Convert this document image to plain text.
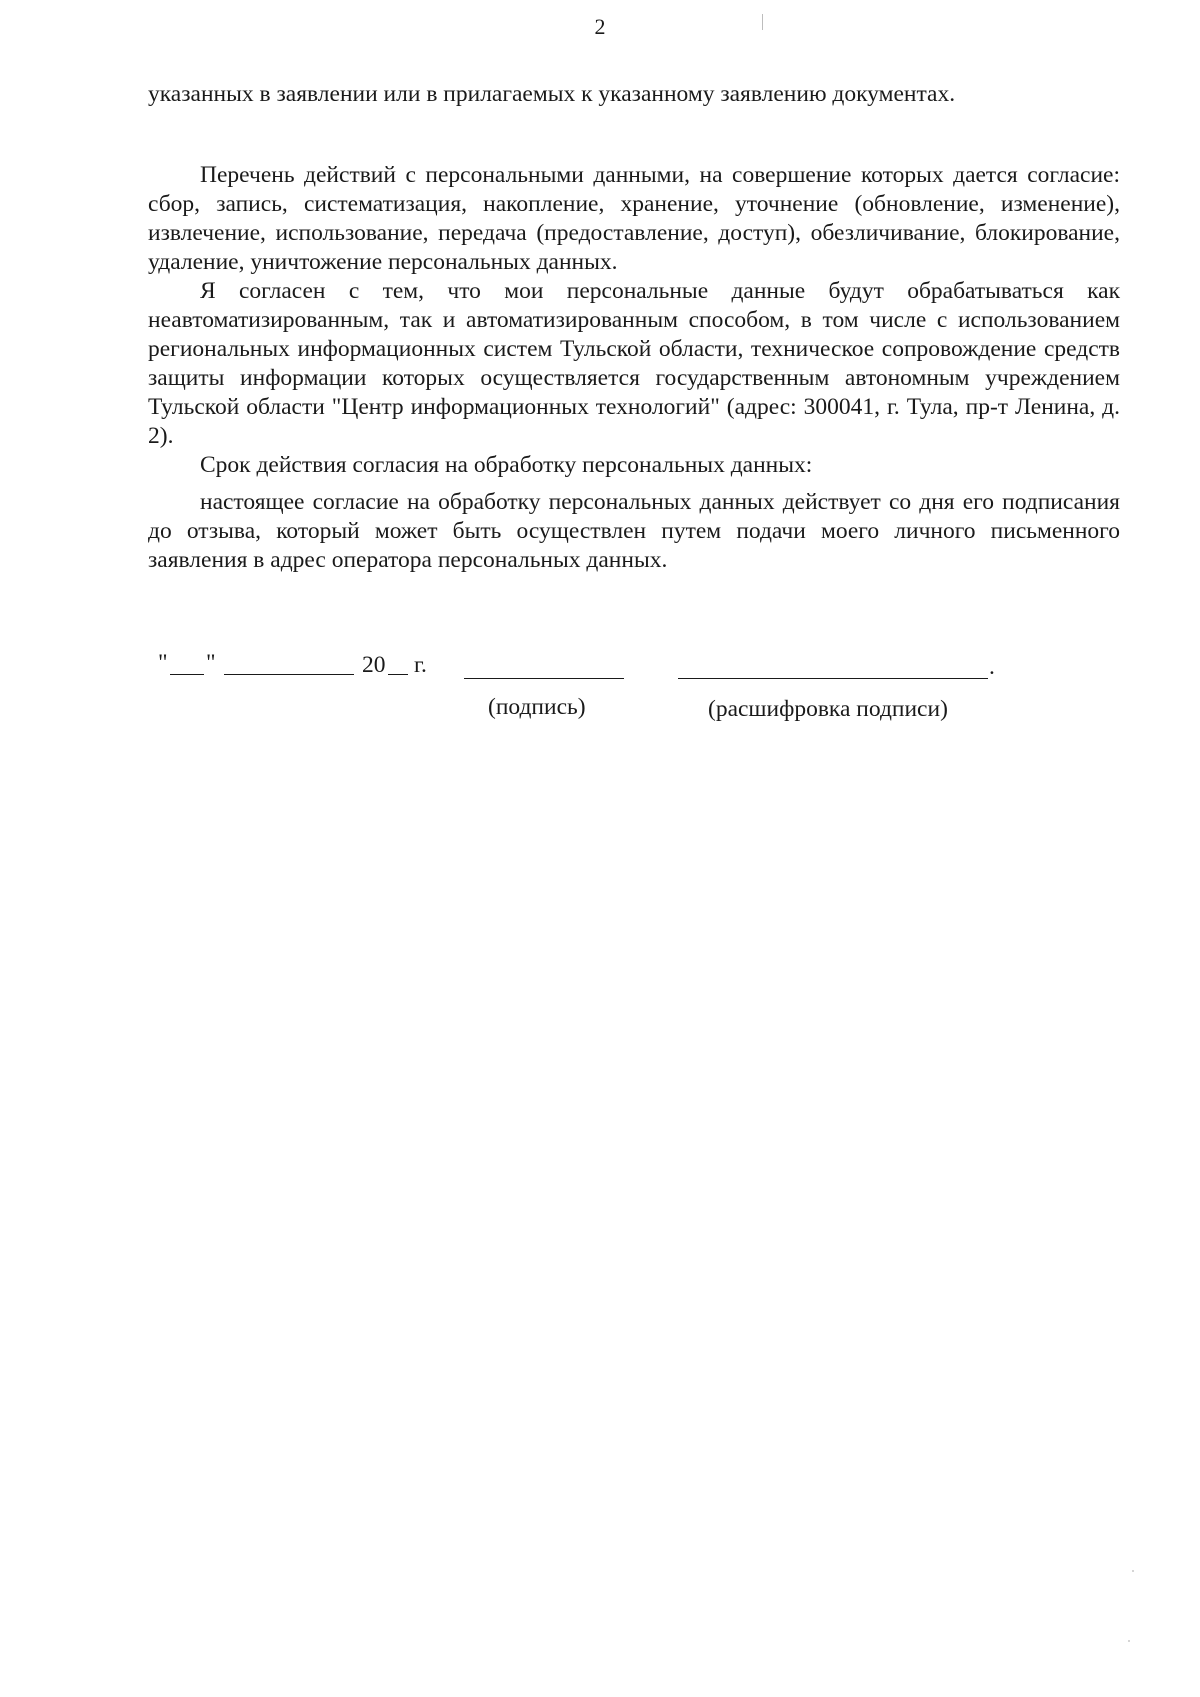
2

указанных в заявлении или в прилагаемых к указанному заявлению документах.

Перечень действий с персональными данными, на совершение которых дается согласие: сбор, запись, систематизация, накопление, хранение, уточнение (обновление, изменение), извлечение, использование, передача (предоставление, доступ), обезличивание, блокирование, удаление, уничтожение персональных данных.

Я согласен с тем, что мои персональные данные будут обрабатываться как неавтоматизированным, так и автоматизированным способом, в том числе с использованием региональных информационных систем Тульской области, техническое сопровождение средств защиты информации которых осуществляется государственным автономным учреждением Тульской области "Центр информационных технологий" (адрес: 300041, г. Тула, пр-т Ленина, д. 2).

Срок действия согласия на обработку персональных данных:

настоящее согласие на обработку персональных данных действует со дня его подписания до отзыва, который может быть осуществлен путем подачи моего личного письменного заявления в адрес оператора персональных данных.

" "	20 г.
(подпись)
.
(расшифровка подписи)
